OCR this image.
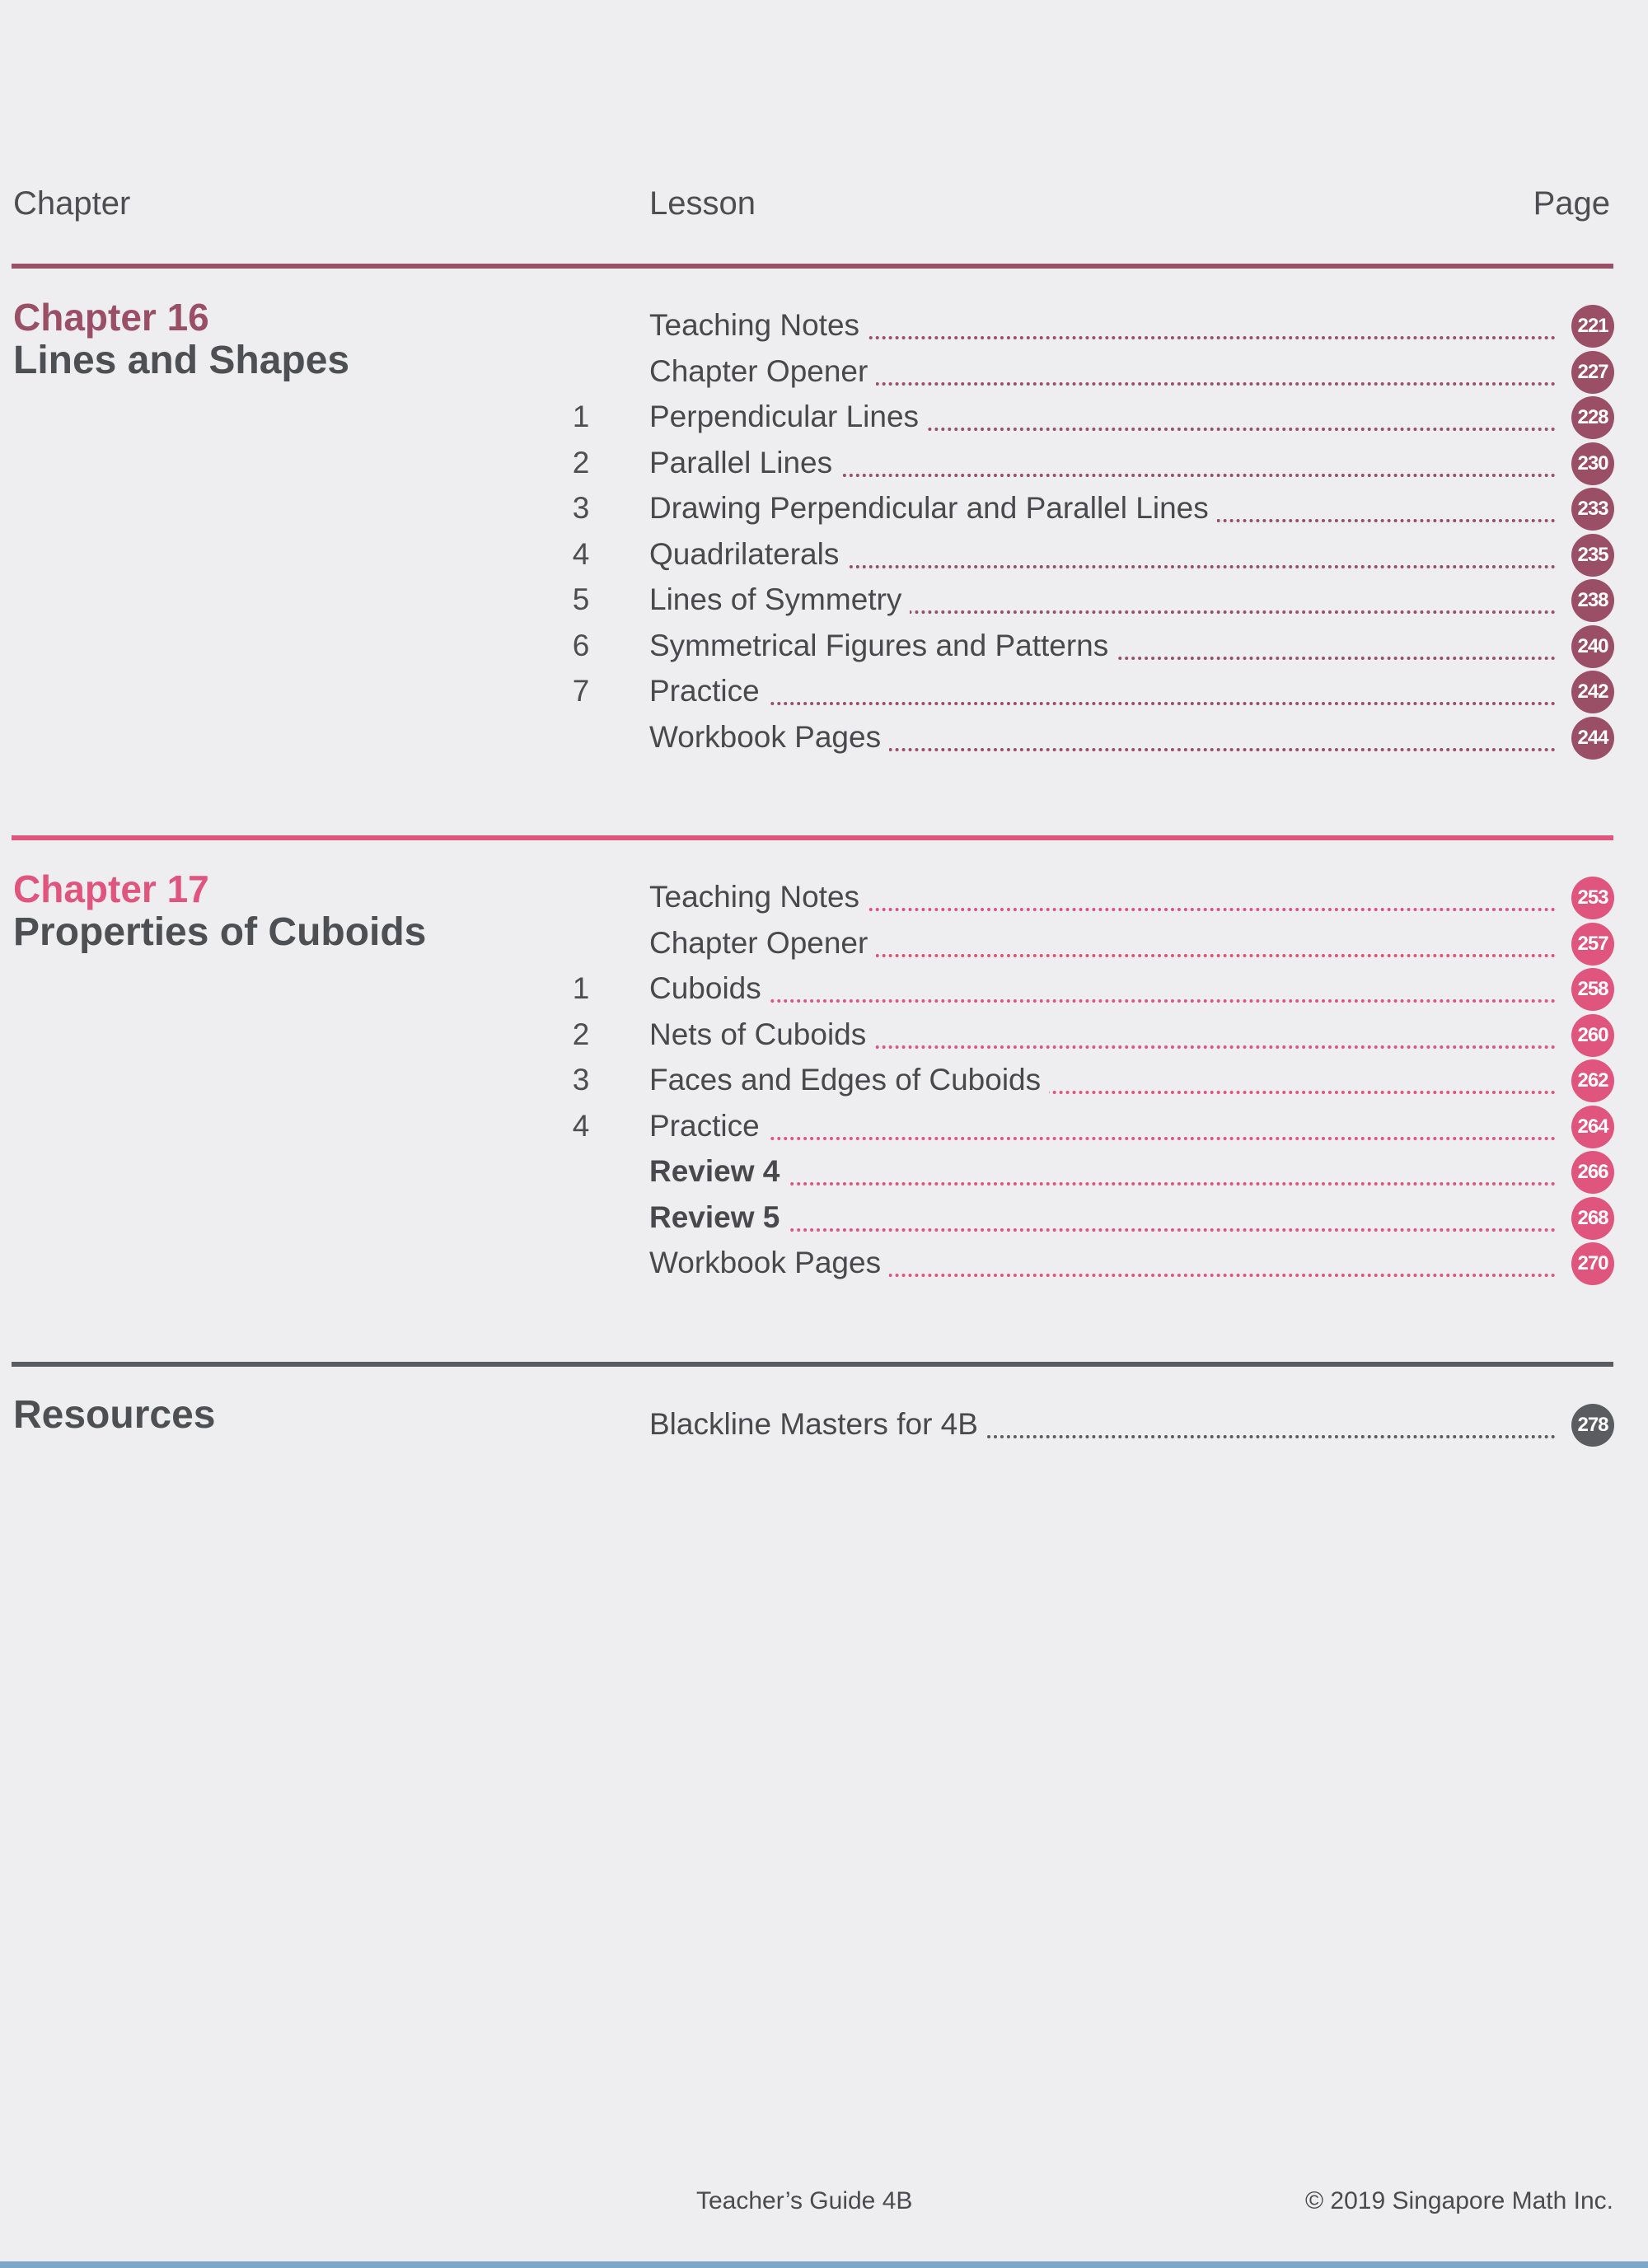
Chapter	Lesson	Page
Chapter 16
Lines and Shapes
Teaching Notes	221
Chapter Opener	227
1	Perpendicular Lines	228
2	Parallel Lines	230
3	Drawing Perpendicular and Parallel Lines	233
4	Quadrilaterals	235
5	Lines of Symmetry	238
6	Symmetrical Figures and Patterns	240
7	Practice	242
Workbook Pages	244
Chapter 17
Properties of Cuboids
Teaching Notes	253
Chapter Opener	257
1	Cuboids	258
2	Nets of Cuboids	260
3	Faces and Edges of Cuboids	262
4	Practice	264
Review 4	266
Review 5	268
Workbook Pages	270
Resources	Blackline Masters for 4B	278
Teacher’s Guide 4B	© 2019 Singapore Math Inc.
